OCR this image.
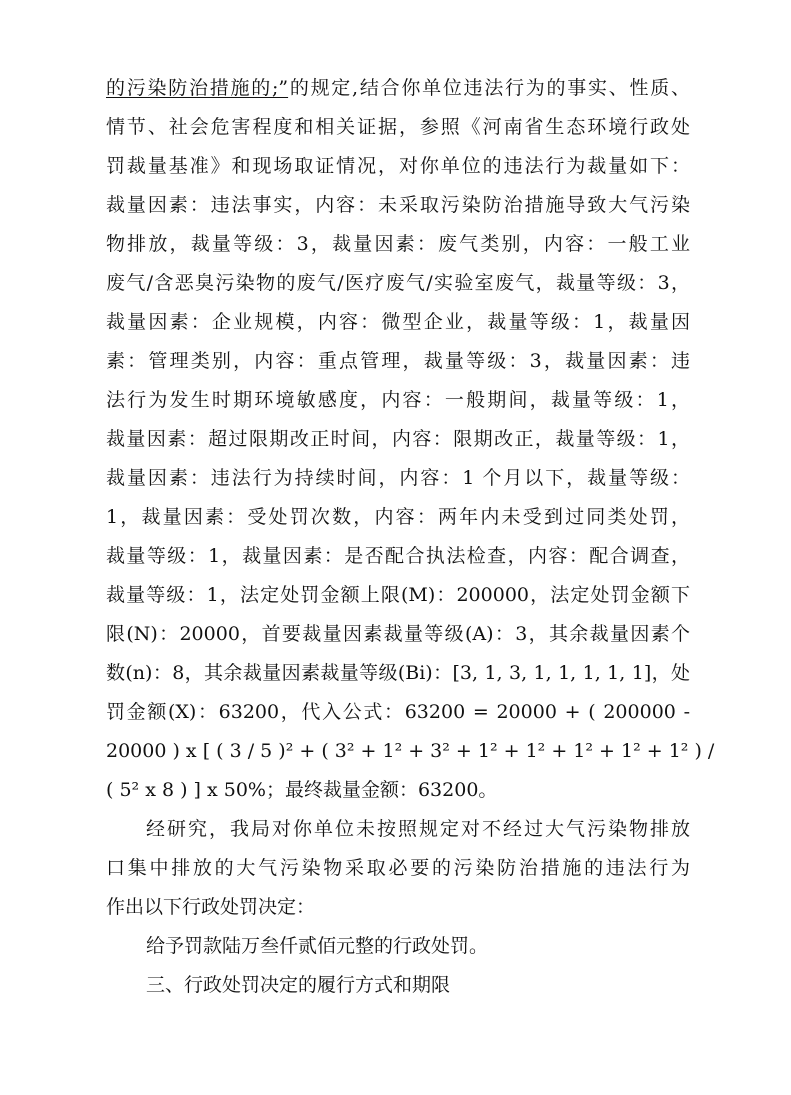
的污染防治措施的;”的规定,结合你单位违法行为的事实、性质、
情节、社会危害程度和相关证据，参照《河南省生态环境行政处
罚裁量基准》和现场取证情况，对你单位的违法行为裁量如下：
裁量因素：违法事实，内容：未采取污染防治措施导致大气污染
物排放，裁量等级：3，裁量因素：废气类别，内容：一般工业
废气/含恶臭污染物的废气/医疗废气/实验室废气，裁量等级：3，
裁量因素：企业规模，内容：微型企业，裁量等级：1，裁量因
素：管理类别，内容：重点管理，裁量等级：3，裁量因素：违
法行为发生时期环境敏感度，内容：一般期间，裁量等级：1，
裁量因素：超过限期改正时间，内容：限期改正，裁量等级：1，
裁量因素：违法行为持续时间，内容：1 个月以下，裁量等级：
1，裁量因素：受处罚次数，内容：两年内未受到过同类处罚，
裁量等级：1，裁量因素：是否配合执法检查，内容：配合调查，
裁量等级：1，法定处罚金额上限(M)：200000，法定处罚金额下
限(N)：20000，首要裁量因素裁量等级(A)：3，其余裁量因素个
数(n)：8，其余裁量因素裁量等级(Bi)：[3, 1, 3, 1, 1, 1, 1, 1]，处
罚金额(X)：63200，代入公式：63200 = 20000 + ( 200000 -
20000 ) x [ ( 3 / 5 )² + ( 3² + 1² + 3² + 1² + 1² + 1² + 1² + 1² ) /
( 5² x 8 ) ] x 50%；最终裁量金额：63200。
经研究，我局对你单位未按照规定对不经过大气污染物排放
口集中排放的大气污染物采取必要的污染防治措施的违法行为
作出以下行政处罚决定：
给予罚款陆万叁仟贰佰元整的行政处罚。
三、行政处罚决定的履行方式和期限
